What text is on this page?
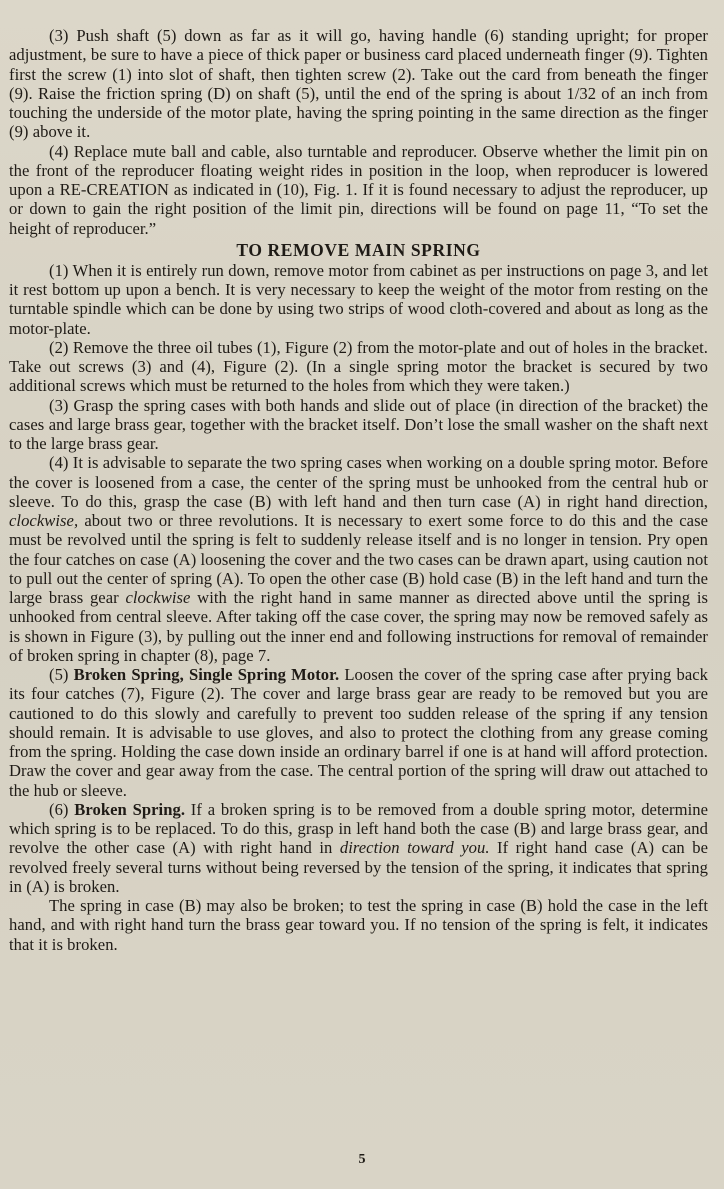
(3) Push shaft (5) down as far as it will go, having handle (6) standing upright; for proper adjustment, be sure to have a piece of thick paper or business card placed underneath finger (9). Tighten first the screw (1) into slot of shaft, then tighten screw (2). Take out the card from beneath the finger (9). Raise the friction spring (D) on shaft (5), until the end of the spring is about 1/32 of an inch from touching the underside of the motor plate, having the spring pointing in the same direction as the finger (9) above it.

(4) Replace mute ball and cable, also turntable and reproducer. Observe whether the limit pin on the front of the reproducer floating weight rides in position in the loop, when reproducer is lowered upon a RE-CREATION as indicated in (10), Fig. 1. If it is found necessary to adjust the reproducer, up or down to gain the right position of the limit pin, directions will be found on page 11, “To set the height of reproducer.”

TO REMOVE MAIN SPRING

(1) When it is entirely run down, remove motor from cabinet as per instructions on page 3, and let it rest bottom up upon a bench. It is very necessary to keep the weight of the motor from resting on the turntable spindle which can be done by using two strips of wood cloth-covered and about as long as the motor-plate.

(2) Remove the three oil tubes (1), Figure (2) from the motor-plate and out of holes in the bracket. Take out screws (3) and (4), Figure (2). (In a single spring motor the bracket is secured by two additional screws which must be returned to the holes from which they were taken.)

(3) Grasp the spring cases with both hands and slide out of place (in direction of the bracket) the cases and large brass gear, together with the bracket itself. Don’t lose the small washer on the shaft next to the large brass gear.

(4) It is advisable to separate the two spring cases when working on a double spring motor. Before the cover is loosened from a case, the center of the spring must be unhooked from the central hub or sleeve. To do this, grasp the case (B) with left hand and then turn case (A) in right hand direction, clockwise, about two or three revolutions. It is necessary to exert some force to do this and the case must be revolved until the spring is felt to suddenly release itself and is no longer in tension. Pry open the four catches on case (A) loosening the cover and the two cases can be drawn apart, using caution not to pull out the center of spring (A). To open the other case (B) hold case (B) in the left hand and turn the large brass gear clockwise with the right hand in same manner as directed above until the spring is unhooked from central sleeve. After taking off the case cover, the spring may now be removed safely as is shown in Figure (3), by pulling out the inner end and following instructions for removal of remainder of broken spring in chapter (8), page 7.

(5) Broken Spring, Single Spring Motor. Loosen the cover of the spring case after prying back its four catches (7), Figure (2). The cover and large brass gear are ready to be removed but you are cautioned to do this slowly and carefully to prevent too sudden release of the spring if any tension should remain. It is advisable to use gloves, and also to protect the clothing from any grease coming from the spring. Holding the case down inside an ordinary barrel if one is at hand will afford protection. Draw the cover and gear away from the case. The central portion of the spring will draw out attached to the hub or sleeve.

(6) Broken Spring. If a broken spring is to be removed from a double spring motor, determine which spring is to be replaced. To do this, grasp in left hand both the case (B) and large brass gear, and revolve the other case (A) with right hand in direction toward you. If right hand case (A) can be revolved freely several turns without being reversed by the tension of the spring, it indicates that spring in (A) is broken.

The spring in case (B) may also be broken; to test the spring in case (B) hold the case in the left hand, and with right hand turn the brass gear toward you. If no tension of the spring is felt, it indicates that it is broken.

5
